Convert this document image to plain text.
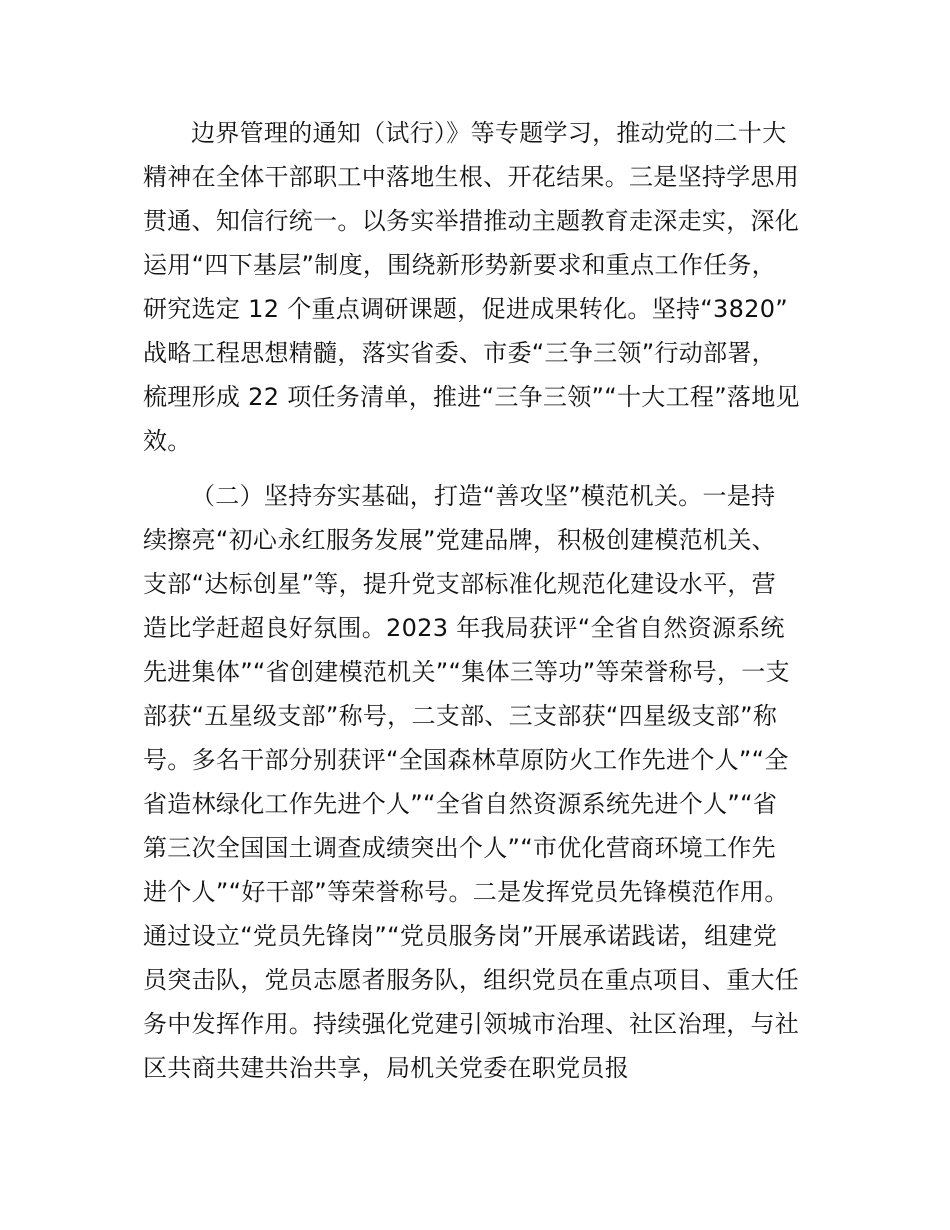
边界管理的通知（试行）》等专题学习，推动党的二十大
精神在全体干部职工中落地生根、开花结果。三是坚持学思用
贯通、知信行统一。以务实举措推动主题教育走深走实，深化
运用“四下基层”制度，围绕新形势新要求和重点工作任务，
研究选定 12 个重点调研课题，促进成果转化。坚持“3820”
战略工程思想精髓，落实省委、市委“三争三领”行动部署，
梳理形成 22 项任务清单，推进“三争三领”“十大工程”落地见
效。
（二）坚持夯实基础，打造“善攻坚”模范机关。一是持
续擦亮“初心永红服务发展”党建品牌，积极创建模范机关、
支部“达标创星”等，提升党支部标准化规范化建设水平，营
造比学赶超良好氛围。2023 年我局获评“全省自然资源系统
先进集体”“省创建模范机关”“集体三等功”等荣誉称号，一支
部获“五星级支部”称号，二支部、三支部获“四星级支部”称
号。多名干部分别获评“全国森林草原防火工作先进个人”“全
省造林绿化工作先进个人”“全省自然资源系统先进个人”“省
第三次全国国土调查成绩突出个人”“市优化营商环境工作先
进个人”“好干部”等荣誉称号。二是发挥党员先锋模范作用。
通过设立“党员先锋岗”“党员服务岗”开展承诺践诺，组建党
员突击队，党员志愿者服务队，组织党员在重点项目、重大任
务中发挥作用。持续强化党建引领城市治理、社区治理，与社
区共商共建共治共享，局机关党委在职党员报
